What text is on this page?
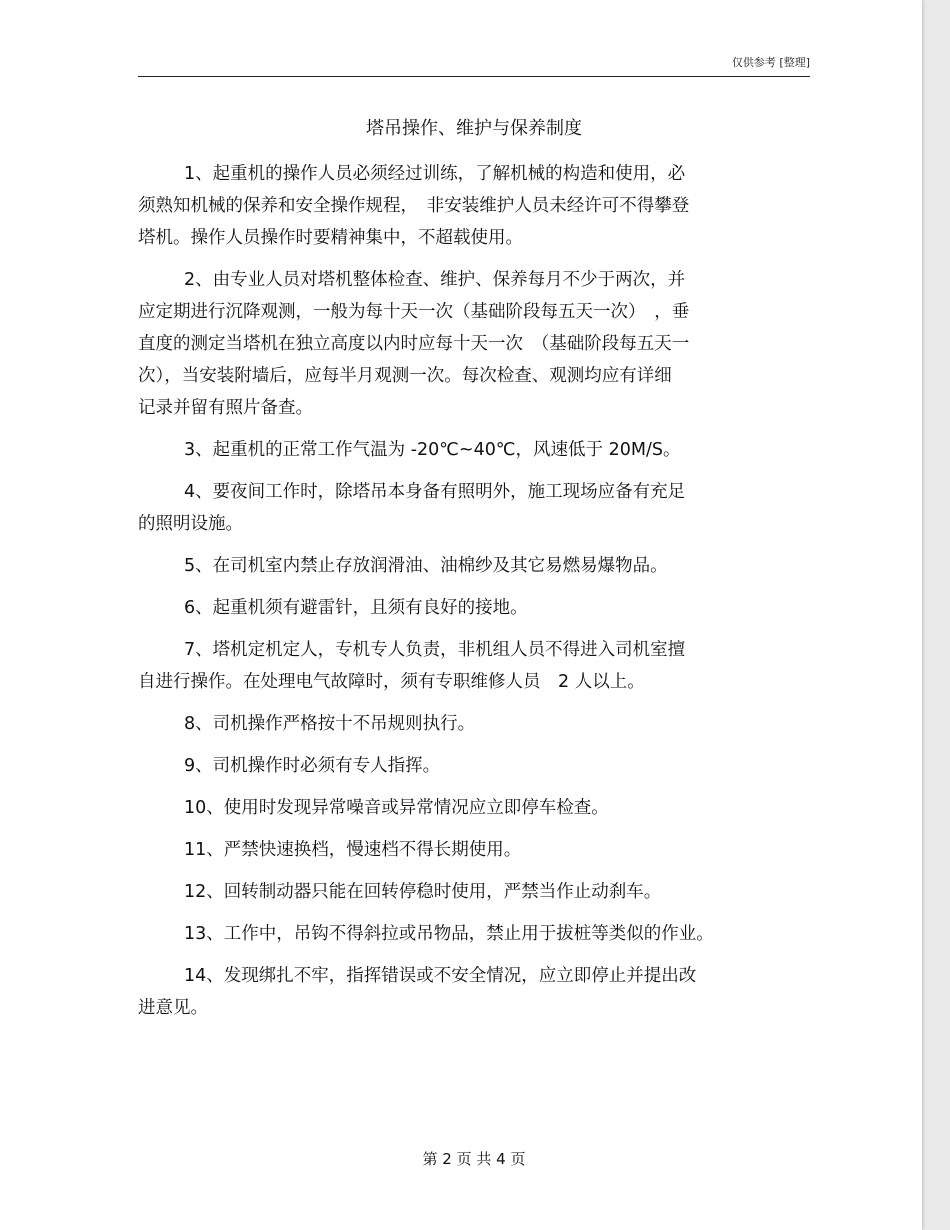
仅供参考 [整理]
塔吊操作、维护与保养制度
1、起重机的操作人员必须经过训练，了解机械的构造和使用，必
须熟知机械的保养和安全操作规程，　非安装维护人员未经许可不得攀登
塔机。操作人员操作时要精神集中，不超载使用。
2、由专业人员对塔机整体检查、维护、保养每月不少于两次，并
应定期进行沉降观测，一般为每十天一次（基础阶段每五天一次）　，垂
直度的测定当塔机在独立高度以内时应每十天一次　（基础阶段每五天一
次），当安装附墙后，应每半月观测一次。每次检查、观测均应有详细
记录并留有照片备查。
3、起重机的正常工作气温为 -20℃~40℃，风速低于 20M/S。
4、要夜间工作时，除塔吊本身备有照明外，施工现场应备有充足
的照明设施。
5、在司机室内禁止存放润滑油、油棉纱及其它易燃易爆物品。
6、起重机须有避雷针，且须有良好的接地。
7、塔机定机定人，专机专人负责，非机组人员不得进入司机室擅
自进行操作。在处理电气故障时，须有专职维修人员　2 人以上。
8、司机操作严格按十不吊规则执行。
9、司机操作时必须有专人指挥。
10、使用时发现异常噪音或异常情况应立即停车检查。
11、严禁快速换档，慢速档不得长期使用。
12、回转制动器只能在回转停稳时使用，严禁当作止动刹车。
13、工作中，吊钩不得斜拉或吊物品，禁止用于拔桩等类似的作业。
14、发现绑扎不牢，指挥错误或不安全情况，应立即停止并提出改
进意见。
第 2 页 共 4 页
